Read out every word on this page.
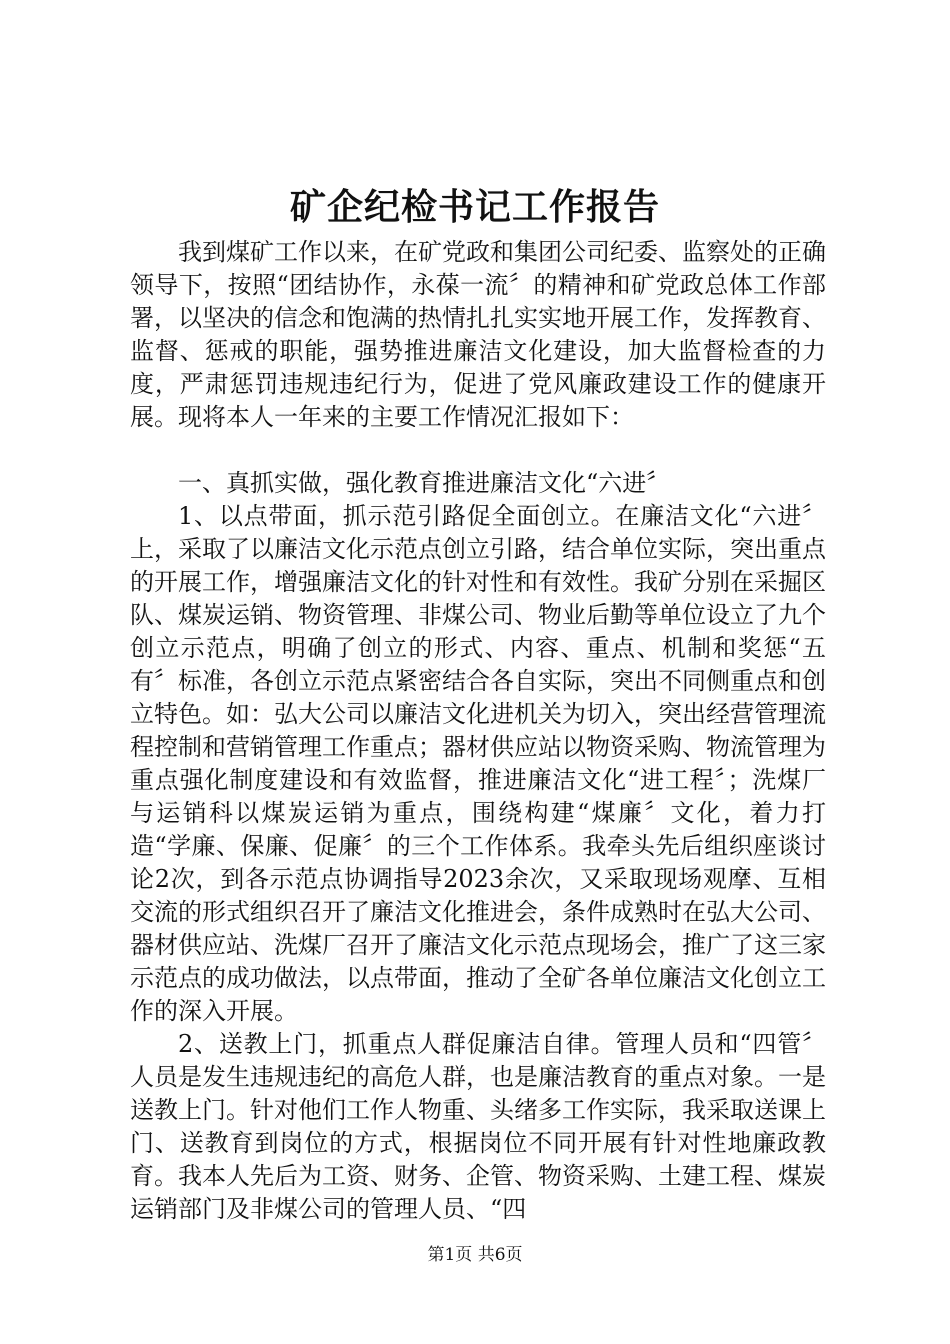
矿企纪检书记工作报告

我到煤矿工作以来，在矿党政和集团公司纪委、监察处的正确领导下，按照“团结协作，永葆一流〞的精神和矿党政总体工作部署，以坚决的信念和饱满的热情扎扎实实地开展工作，发挥教育、监督、惩戒的职能，强势推进廉洁文化建设，加大监督检查的力度，严肃惩罚违规违纪行为，促进了党风廉政建设工作的健康开展。现将本人一年来的主要工作情况汇报如下：

一、真抓实做，强化教育推进廉洁文化“六进〞

1、以点带面，抓示范引路促全面创立。在廉洁文化“六进〞上，采取了以廉洁文化示范点创立引路，结合单位实际，突出重点的开展工作，增强廉洁文化的针对性和有效性。我矿分别在采掘区队、煤炭运销、物资管理、非煤公司、物业后勤等单位设立了九个创立示范点，明确了创立的形式、内容、重点、机制和奖惩“五有〞标准，各创立示范点紧密结合各自实际，突出不同侧重点和创立特色。如：弘大公司以廉洁文化进机关为切入，突出经营管理流程控制和营销管理工作重点；器材供应站以物资采购、物流管理为重点强化制度建设和有效监督，推进廉洁文化“进工程〞；洗煤厂与运销科以煤炭运销为重点，围绕构建“煤廉〞文化，着力打造“学廉、保廉、促廉〞的三个工作体系。我牵头先后组织座谈讨论2次，到各示范点协调指导2023余次，又采取现场观摩、互相交流的形式组织召开了廉洁文化推进会，条件成熟时在弘大公司、器材供应站、洗煤厂召开了廉洁文化示范点现场会，推广了这三家示范点的成功做法，以点带面，推动了全矿各单位廉洁文化创立工作的深入开展。

2、送教上门，抓重点人群促廉洁自律。管理人员和“四管〞人员是发生违规违纪的高危人群，也是廉洁教育的重点对象。一是送教上门。针对他们工作人物重、头绪多工作实际，我采取送课上门、送教育到岗位的方式，根据岗位不同开展有针对性地廉政教育。我本人先后为工资、财务、企管、物资采购、土建工程、煤炭运销部门及非煤公司的管理人员、“四

第1页 共6页
